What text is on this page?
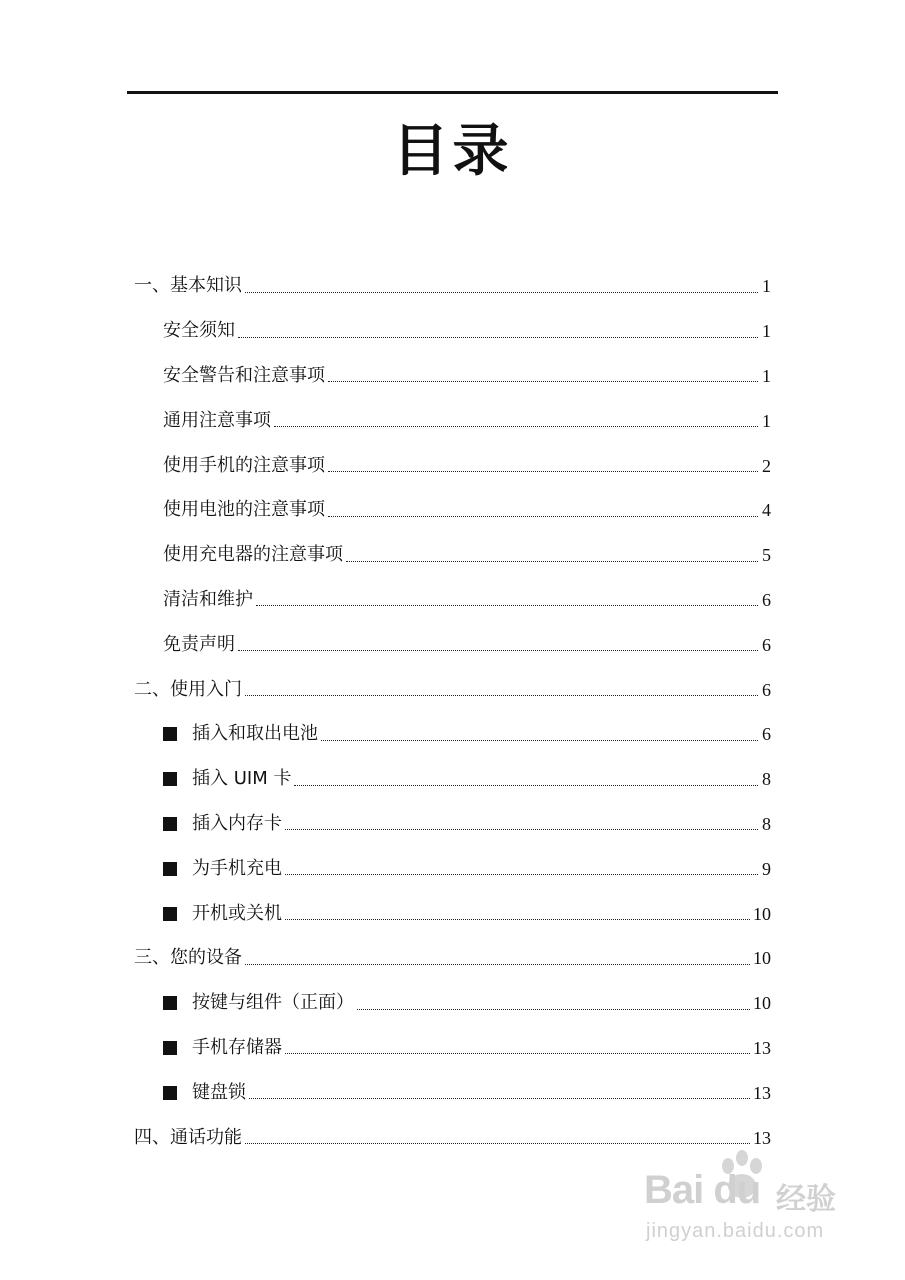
目录
一、基本知识	1
安全须知	1
安全警告和注意事项	1
通用注意事项	1
使用手机的注意事项	2
使用电池的注意事项	4
使用充电器的注意事项	5
清洁和维护	6
免责声明	6
二、使用入门	6
插入和取出电池	6
插入 UIM 卡	8
插入内存卡	8
为手机充电	9
开机或关机	10
三、您的设备	10
按键与组件（正面）	10
手机存储器	13
键盘锁	13
四、通话功能	13
Bai du 经验
jingyan.baidu.com
